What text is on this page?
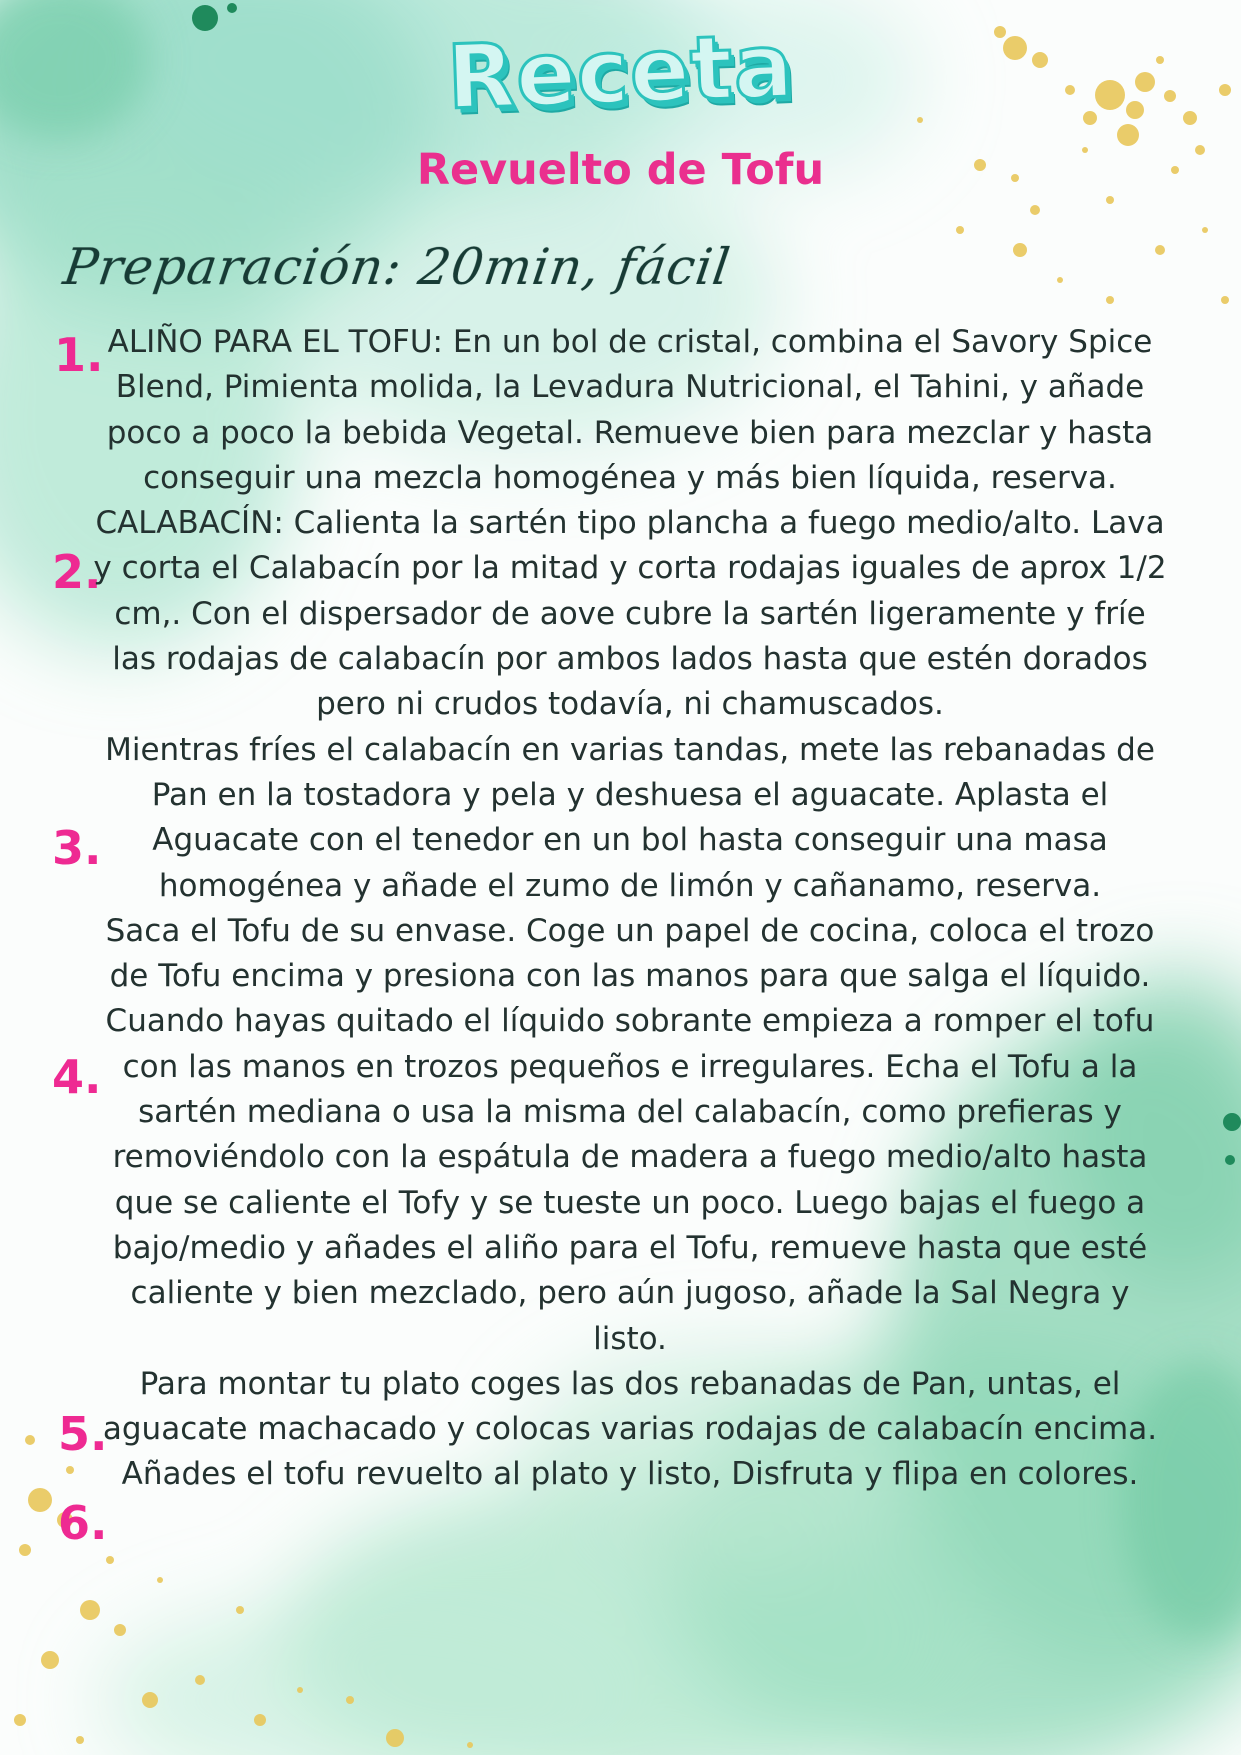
Receta
Revuelto de Tofu
Preparación: 20min, fácil
1.
2.
3.
4.
5.
6.

ALIÑO PARA EL TOFU: En un bol de cristal, combina el Savory Spice Blend, Pimienta molida, la Levadura Nutricional, el Tahini, y añade poco a poco la bebida Vegetal. Remueve bien para mezclar y hasta conseguir una mezcla homogénea y más bien líquida, reserva.

CALABACÍN: Calienta la sartén tipo plancha a fuego medio/alto. Lava y corta el Calabacín por la mitad y corta rodajas iguales de aprox 1/2 cm,. Con el dispersador de aove cubre la sartén ligeramente y fríe las rodajas de calabacín por ambos lados hasta que estén dorados pero ni crudos todavía, ni chamuscados.

Mientras fríes el calabacín en varias tandas, mete las rebanadas de Pan en la tostadora y pela y deshuesa el aguacate. Aplasta el Aguacate con el tenedor en un bol hasta conseguir una masa homogénea y añade el zumo de limón y cañanamo, reserva.

Saca el Tofu de su envase. Coge un papel de cocina, coloca el trozo de Tofu encima y presiona con las manos para que salga el líquido. Cuando hayas quitado el líquido sobrante empieza a romper el tofu con las manos en trozos pequeños e irregulares. Echa el Tofu a la sartén mediana o usa la misma del calabacín, como prefieras y removiéndolo con la espátula de madera a fuego medio/alto hasta que se caliente el Tofy y se tueste un poco. Luego bajas el fuego a bajo/medio y añades el aliño para el Tofu, remueve hasta que esté caliente y bien mezclado, pero aún jugoso, añade la Sal Negra y listo.

Para montar tu plato coges las dos rebanadas de Pan, untas, el aguacate machacado y colocas varias rodajas de calabacín encima. Añades el tofu revuelto al plato y listo, Disfruta y flipa en colores.
